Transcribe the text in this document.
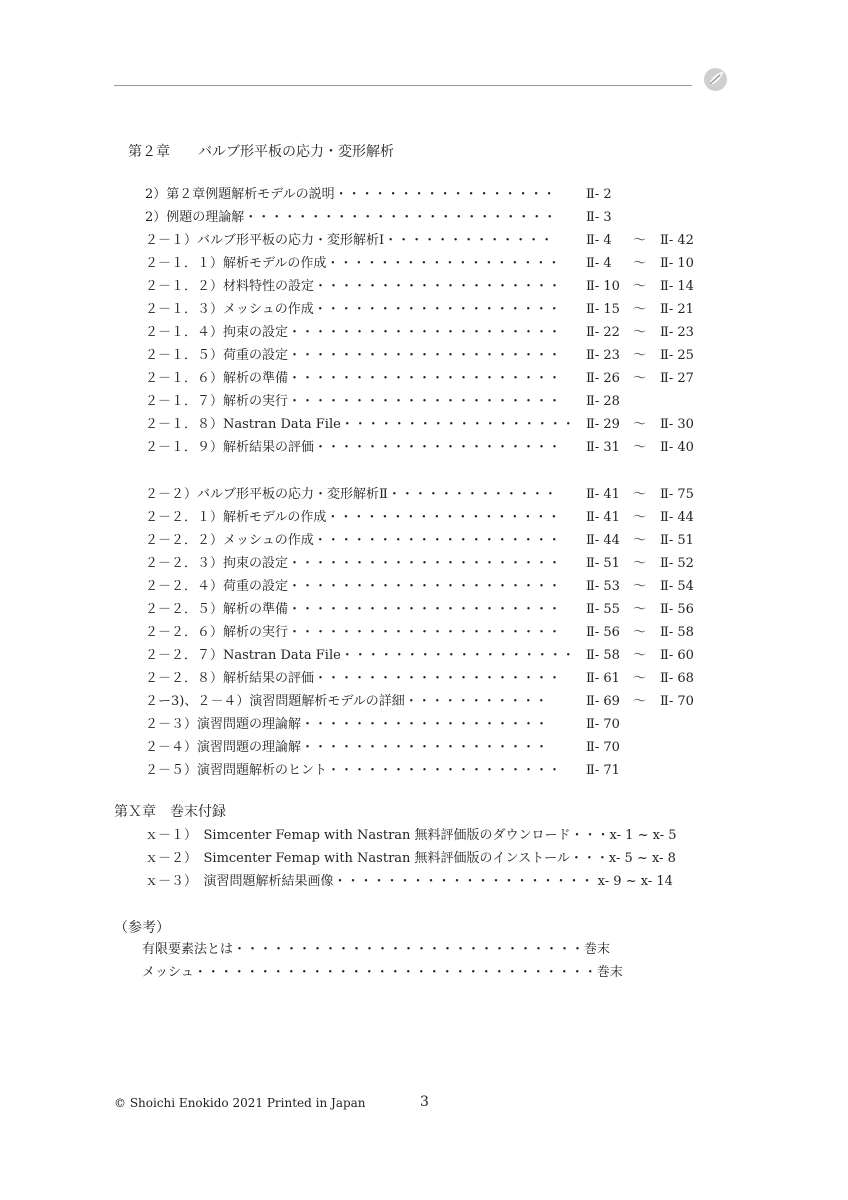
第２章　　バルブ形平板の応力・変形解析
2）第２章例題解析モデルの説明・・・・・・・・・・・・・・・・・	Ⅱ- 2
2）例題の理論解・・・・・・・・・・・・・・・・・・・・・・・・	Ⅱ- 3
２－１）バルブ形平板の応力・変形解析Ⅰ・・・・・・・・・・・・・	Ⅱ- 4 ～ Ⅱ- 42
２－１．１）解析モデルの作成・・・・・・・・・・・・・・・・・・	Ⅱ- 4 ～ Ⅱ- 10
２－１．２）材料特性の設定・・・・・・・・・・・・・・・・・・・	Ⅱ- 10 ～ Ⅱ- 14
２－１．３）メッシュの作成・・・・・・・・・・・・・・・・・・・	Ⅱ- 15 ～ Ⅱ- 21
２－１．４）拘束の設定・・・・・・・・・・・・・・・・・・・・・	Ⅱ- 22 ～ Ⅱ- 23
２－１．５）荷重の設定・・・・・・・・・・・・・・・・・・・・・	Ⅱ- 23 ～ Ⅱ- 25
２－１．６）解析の準備・・・・・・・・・・・・・・・・・・・・・	Ⅱ- 26 ～ Ⅱ- 27
２－１．７）解析の実行・・・・・・・・・・・・・・・・・・・・・	Ⅱ- 28
２－１．８）Nastran Data File・・・・・・・・・・・・・・・・・・ Ⅱ- 29 ～ Ⅱ- 30
２－１．９）解析結果の評価・・・・・・・・・・・・・・・・・・・	Ⅱ- 31 ～ Ⅱ- 40
２－２）バルブ形平板の応力・変形解析Ⅱ・・・・・・・・・・・・・	Ⅱ- 41 ～ Ⅱ- 75
２－２．１）解析モデルの作成・・・・・・・・・・・・・・・・・・	Ⅱ- 41 ～ Ⅱ- 44
２－２．２）メッシュの作成・・・・・・・・・・・・・・・・・・・	Ⅱ- 44 ～ Ⅱ- 51
２－２．３）拘束の設定・・・・・・・・・・・・・・・・・・・・・	Ⅱ- 51 ～ Ⅱ- 52
２－２．４）荷重の設定・・・・・・・・・・・・・・・・・・・・・	Ⅱ- 53 ～ Ⅱ- 54
２－２．５）解析の準備・・・・・・・・・・・・・・・・・・・・・	Ⅱ- 55 ～ Ⅱ- 56
２－２．６）解析の実行・・・・・・・・・・・・・・・・・・・・・	Ⅱ- 56 ～ Ⅱ- 58
２－２．７）Nastran Data File・・・・・・・・・・・・・・・・・・ Ⅱ- 58 ～ Ⅱ- 60
２－２．８）解析結果の評価・・・・・・・・・・・・・・・・・・・	Ⅱ- 61 ～ Ⅱ- 68
２ー3)、２－４）演習問題解析モデルの詳細・・・・・・・・・・・	Ⅱ- 69 ～ Ⅱ- 70
２－３）演習問題の理論解・・・・・・・・・・・・・・・・・・・	Ⅱ- 70
２－４）演習問題の理論解・・・・・・・・・・・・・・・・・・・	Ⅱ- 70
２－５）演習問題解析のヒント・・・・・・・・・・・・・・・・・・	Ⅱ- 71
第Ｘ章　巻末付録
ｘ－１）　Simcenter Femap with Nastran 無料評価版のダウンロード・・・x- 1 ~ x- 5
ｘ－２）　Simcenter Femap with Nastran 無料評価版のインストール・・・x- 5 ~ x- 8
ｘ－３）　演習問題解析結果画像・・・・・・・・・・・・・・・・・・・・ x- 9 ~ x- 14
（参考）
有限要素法とは・・・・・・・・・・・・・・・・・・・・・・・・・・・巻末
メッシュ・・・・・・・・・・・・・・・・・・・・・・・・・・・・・・・巻末
© Shoichi Enokido 2021 Printed in Japan	3
